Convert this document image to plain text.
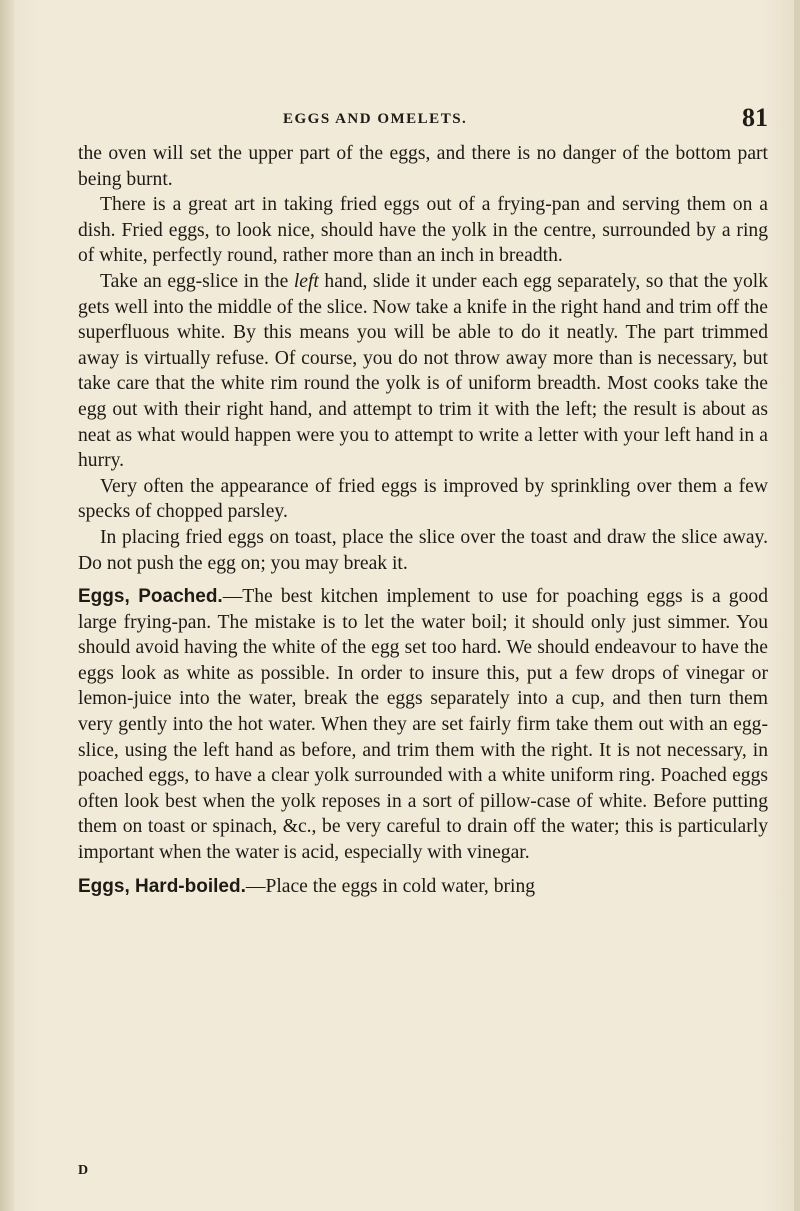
EGGS AND OMELETS.	81

the oven will set the upper part of the eggs, and there is no danger of the bottom part being burnt.

There is a great art in taking fried eggs out of a frying-pan and serving them on a dish. Fried eggs, to look nice, should have the yolk in the centre, surrounded by a ring of white, perfectly round, rather more than an inch in breadth.

Take an egg-slice in the left hand, slide it under each egg separately, so that the yolk gets well into the middle of the slice. Now take a knife in the right hand and trim off the superfluous white. By this means you will be able to do it neatly. The part trimmed away is virtually refuse. Of course, you do not throw away more than is necessary, but take care that the white rim round the yolk is of uniform breadth. Most cooks take the egg out with their right hand, and attempt to trim it with the left; the result is about as neat as what would happen were you to attempt to write a letter with your left hand in a hurry.

Very often the appearance of fried eggs is improved by sprinkling over them a few specks of chopped parsley.

In placing fried eggs on toast, place the slice over the toast and draw the slice away. Do not push the egg on; you may break it.

Eggs, Poached.—The best kitchen implement to use for poaching eggs is a good large frying-pan. The mistake is to let the water boil; it should only just simmer. You should avoid having the white of the egg set too hard. We should endeavour to have the eggs look as white as possible. In order to insure this, put a few drops of vinegar or lemon-juice into the water, break the eggs separately into a cup, and then turn them very gently into the hot water. When they are set fairly firm take them out with an egg-slice, using the left hand as before, and trim them with the right. It is not necessary, in poached eggs, to have a clear yolk surrounded with a white uniform ring. Poached eggs often look best when the yolk reposes in a sort of pillow-case of white. Before putting them on toast or spinach, &c., be very careful to drain off the water; this is particularly important when the water is acid, especially with vinegar.

Eggs, Hard-boiled.—Place the eggs in cold water, bring

D
